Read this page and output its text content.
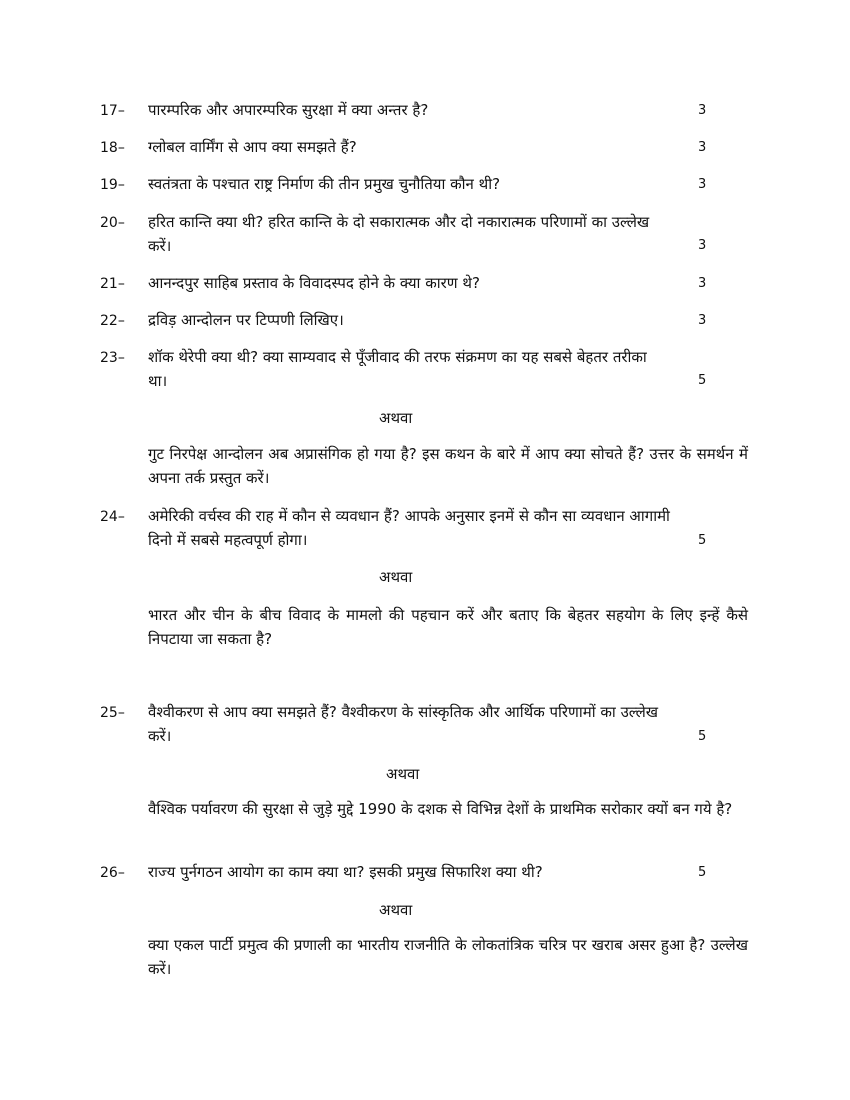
17– पारम्परिक और अपारम्परिक सुरक्षा में क्या अन्तर है?	3
18– ग्लोबल वार्मिंग से आप क्या समझते हैं?	3
19– स्वतंत्रता के पश्चात राष्ट्र निर्माण की तीन प्रमुख चुनौतिया कौन थी?	3
20– हरित कान्ति क्या थी? हरित कान्ति के दो सकारात्मक और दो नकारात्मक परिणामों का उल्लेख
करें।	3
21– आनन्दपुर साहिब प्रस्ताव के विवादस्पद होने के क्या कारण थे?	3
22– द्रविड़ आन्दोलन पर टिप्पणी लिखिए।	3
23– शॉक थेरेपी क्या थी? क्या साम्यवाद से पूँजीवाद की तरफ संक्रमण का यह सबसे बेहतर तरीका
था।	5
अथवा
गुट निरपेक्ष आन्दोलन अब अप्रासंगिक हो गया है? इस कथन के बारे में आप क्या सोचते हैं? उत्तर के समर्थन में अपना तर्क प्रस्तुत करें।
24– अमेरिकी वर्चस्व की राह में कौन से व्यवधान हैं? आपके अनुसार इनमें से कौन सा व्यवधान आगामी
दिनो में सबसे महत्वपूर्ण होगा।	5
अथवा
भारत और चीन के बीच विवाद के मामलो की पहचान करें और बताए कि बेहतर सहयोग के लिए इन्हें कैसे निपटाया जा सकता है?
25– वैश्वीकरण से आप क्या समझते हैं? वैश्वीकरण के सांस्कृतिक और आर्थिक परिणामों का उल्लेख
करें।	5
अथवा
वैश्विक पर्यावरण की सुरक्षा से जुड़े मुद्दे 1990 के दशक से विभिन्न देशों के प्राथमिक सरोकार क्यों बन गये है?
26– राज्य पुर्नगठन आयोग का काम क्या था? इसकी प्रमुख सिफारिश क्या थी?	5
अथवा
क्या एकल पार्टी प्रमुत्व की प्रणाली का भारतीय राजनीति के लोकतांत्रिक चरित्र पर खराब असर हुआ है? उल्लेख करें।
